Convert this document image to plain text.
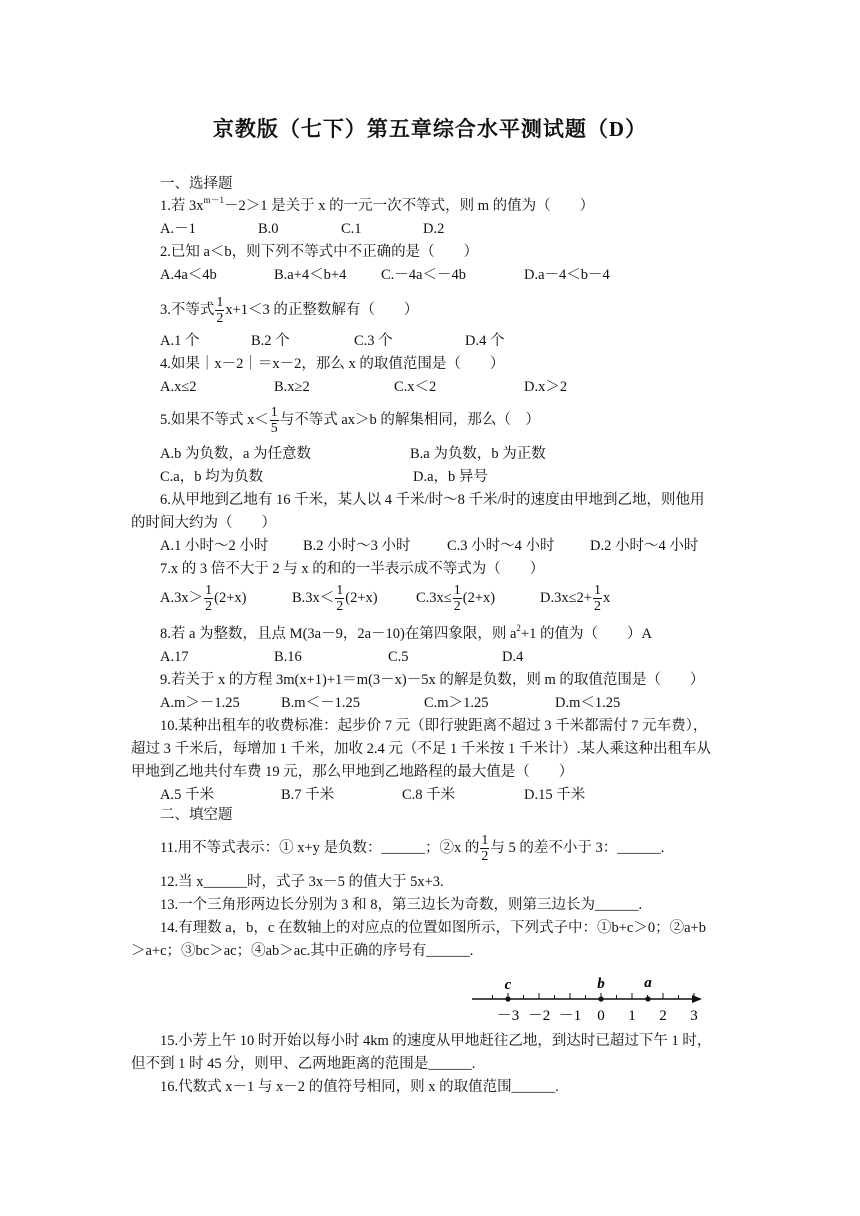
京教版（七下）第五章综合水平测试题（D）
一、选择题
1.若 $3x^{m-1}-2>1$ 是关于 x 的一元一次不等式，则 m 的值为（　　）
A.－1	B.0	C.1	D.2
2.已知 a＜b，则下列不等式中不正确的是（　　）
A.4a＜4b	B.a+4＜b+4 C.－4a＜－4b	D.a－4＜b－4
3.不等式 $\frac{1}{2} x+1<3$ 的正整数解有（　　）
A.1 个	B.2 个	C.3 个	D.4 个
4.如果｜x－2｜＝x－2，那么 x 的取值范围是（　　）
A.x≤2	B.x≥2	C.x＜2	D.x＞2
5.如果不等式 $x< \frac{1}{5}$ 与不等式 ax＞b 的解集相同，那么（　）
A.b 为负数，a 为任意数	B.a 为负数，b 为正数
C.a，b 均为负数	D.a，b 异号
6.从甲地到乙地有 16 千米，某人以 4 千米/时～8 千米/时的速度由甲地到乙地，则他用
的时间大约为（　　）
A.1 小时～2 小时 B.2 小时～3 小时	C.3 小时～4 小时 D.2 小时～4 小时
7.x 的 3 倍不大于 2 与 x 的和的一半表示成不等式为（　　）
$A.3x> \frac{1}{2} (2+x)$	$B.3x< \frac{1}{2} (2+x)$	$C.3x\le \frac{1}{2} (2+x)$	$D.3x\le 2+ \frac{1}{2}$ x
8.若 a 为整数，且点 M(3a－9，2a－10)在第四象限，则 $a^2+1$ 的值为（　　）A
A.17	B.16	C.5	D.4
9.若关于 x 的方程 3m(x+1)+1＝m(3－x)－5x 的解是负数，则 m 的取值范围是（　　）
A.m＞－1.25	B.m＜－1.25	C.m＞1.25	D.m＜1.25
10.某种出租车的收费标准：起步价 7 元（即行驶距离不超过 3 千米都需付 7 元车费），
超过 3 千米后，每增加 1 千米，加收 2.4 元（不足 1 千米按 1 千米计）.某人乘这种出租车从
甲地到乙地共付车费 19 元，那么甲地到乙地路程的最大值是（　　）
A.5 千米	B.7 千米	C.8 千米	D.15 千米
二、填空题
11.用不等式表示：① x+y 是负数：______；②x 的 $\frac{1}{2}$ 与 5 的差不小于 3：______.
12.当 x______时，式子 3x－5 的值大于 5x+3.
13.一个三角形两边长分别为 3 和 8，第三边长为奇数，则第三边长为______.
14.有理数 a，b，c 在数轴上的对应点的位置如图所示，下列式子中：①b+c＞0；②a+b
＞a+c；③bc＞ac；④ab＞ac.其中正确的序号有______.
－3 －2 －1 0 1 2 3
c	b	a
15.小芳上午 10 时开始以每小时 4km 的速度从甲地赶往乙地，到达时已超过下午 1 时，
但不到 1 时 45 分，则甲、乙两地距离的范围是______.
16.代数式 x－1 与 x－2 的值符号相同，则 x 的取值范围______.
